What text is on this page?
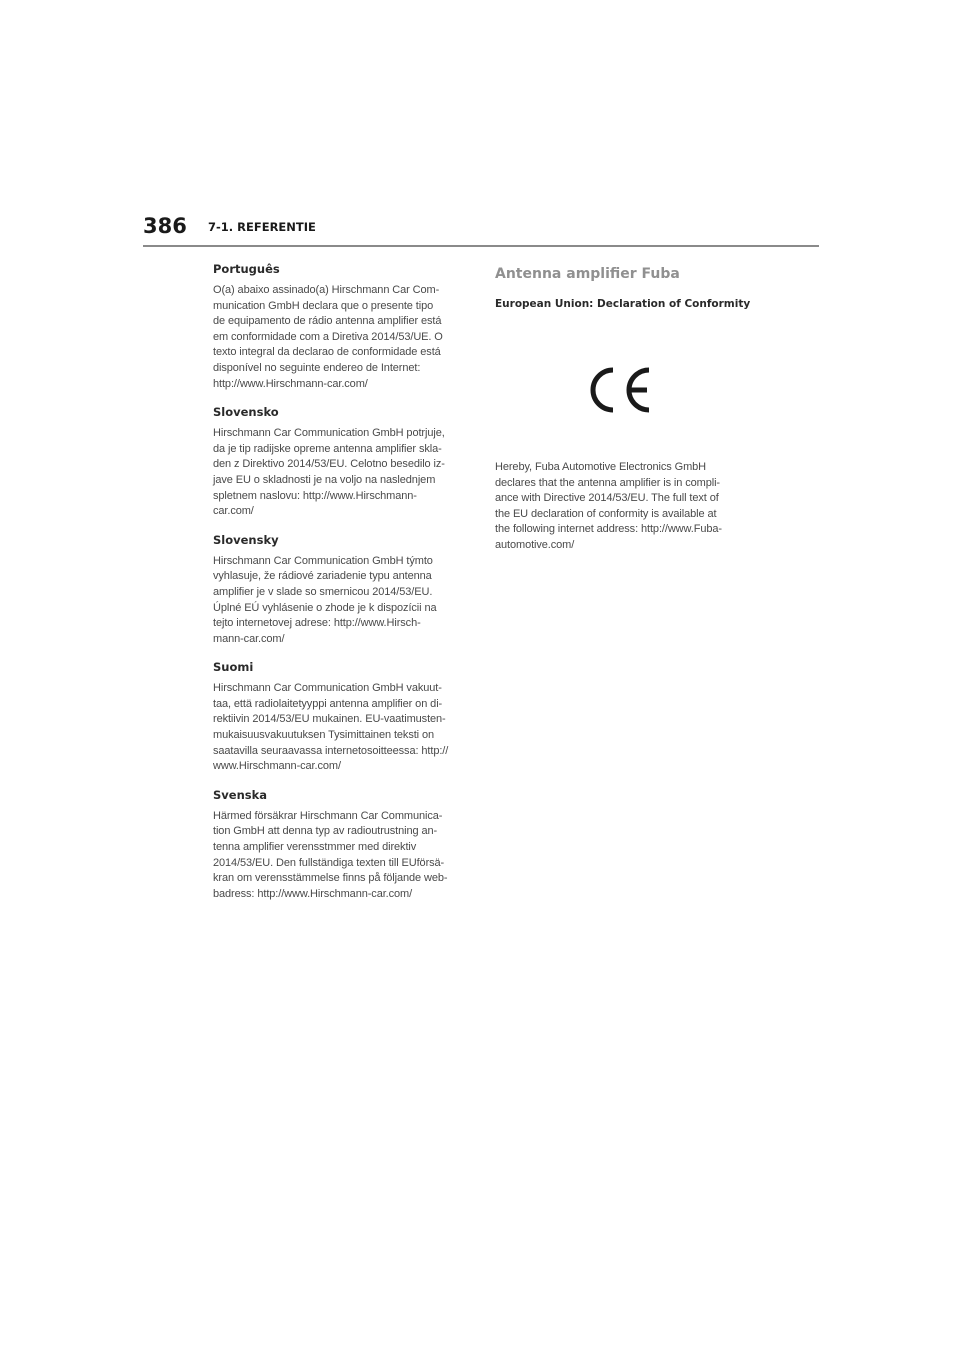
386 7-1. REFERENTIE
Português
O(a) abaixo assinado(a) Hirschmann Car Com-
munication GmbH declara que o presente tipo
de equipamento de rádio antenna amplifier está
em conformidade com a Diretiva 2014/53/UE. O
texto integral da declarao de conformidade está
disponível no seguinte endereo de Internet:
http://www.Hirschmann-car.com/
Slovensko
Hirschmann Car Communication GmbH potrjuje,
da je tip radijske opreme antenna amplifier skla-
den z Direktivo 2014/53/EU. Celotno besedilo iz-
jave EU o skladnosti je na voljo na naslednjem
spletnem naslovu: http://www.Hirschmann-
car.com/
Slovensky
Hirschmann Car Communication GmbH týmto
vyhlasuje, že rádiové zariadenie typu antenna
amplifier je v slade so smernicou 2014/53/EU.
Úplné EÚ vyhlásenie o zhode je k dispozícii na
tejto internetovej adrese: http://www.Hirsch-
mann-car.com/
Suomi
Hirschmann Car Communication GmbH vakuut-
taa, että radiolaitetyyppi antenna amplifier on di-
rektiivin 2014/53/EU mukainen. EU-vaatimusten-
mukaisuusvakuutuksen Tysimittainen teksti on
saatavilla seuraavassa internetosoitteessa: http://
www.Hirschmann-car.com/
Svenska
Härmed försäkrar Hirschmann Car Communica-
tion GmbH att denna typ av radioutrustning an-
tenna amplifier verensstmmer med direktiv
2014/53/EU. Den fullständiga texten till EUförsä-
kran om verensstämmelse finns på följande web-
badress: http://www.Hirschmann-car.com/
Antenna amplifier Fuba
European Union: Declaration of Conformity
Hereby, Fuba Automotive Electronics GmbH
declares that the antenna amplifier is in compli-
ance with Directive 2014/53/EU. The full text of
the EU declaration of conformity is available at
the following internet address: http://www.Fuba-
automotive.com/
